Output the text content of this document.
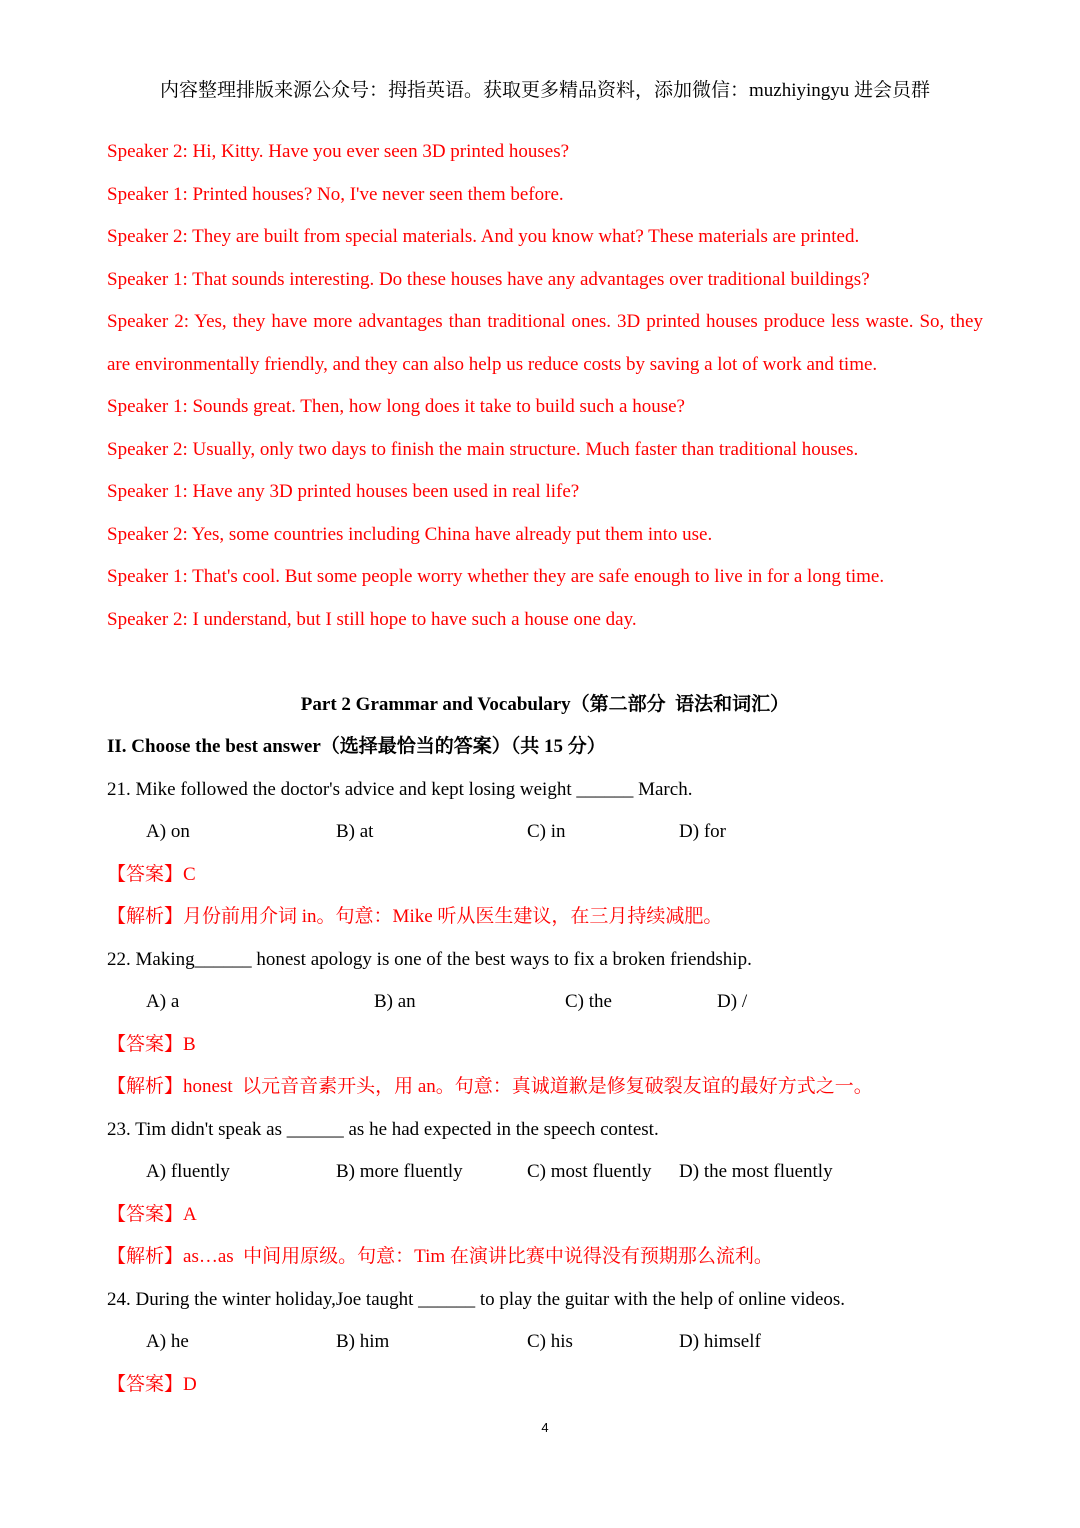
内容整理排版来源公众号：拇指英语。获取更多精品资料，添加微信：muzhiyingyu 进会员群
Speaker 2: Hi, Kitty. Have you ever seen 3D printed houses?
Speaker 1: Printed houses? No, I've never seen them before.
Speaker 2: They are built from special materials. And you know what? These materials are printed.
Speaker 1: That sounds interesting. Do these houses have any advantages over traditional buildings?
Speaker 2: Yes, they have more advantages than traditional ones. 3D printed houses produce less waste. So, they
are environmentally friendly, and they can also help us reduce costs by saving a lot of work and time.
Speaker 1: Sounds great. Then, how long does it take to build such a house?
Speaker 2: Usually, only two days to finish the main structure. Much faster than traditional houses.
Speaker 1: Have any 3D printed houses been used in real life?
Speaker 2: Yes, some countries including China have already put them into use.
Speaker 1: That's cool. But some people worry whether they are safe enough to live in for a long time.
Speaker 2: I understand, but I still hope to have such a house one day.
Part 2 Grammar and Vocabulary（第二部分  语法和词汇）
II. Choose the best answer（选择最恰当的答案）（共 15 分）
21. Mike followed the doctor's advice and kept losing weight ______ March.
A) on	B) at	C) in	D) for
【答案】C
【解析】月份前用介词 in。句意：Mike 听从医生建议，在三月持续减肥。
22. Making______ honest apology is one of the best ways to fix a broken friendship.
A) a	B) an	C) the	D) /
【答案】B
【解析】honest  以元音音素开头，用 an。句意：真诚道歉是修复破裂友谊的最好方式之一。
23. Tim didn't speak as ______ as he had expected in the speech contest.
A) fluently	B) more fluently	C) most fluently D) the most fluently
【答案】A
【解析】as…as  中间用原级。句意：Tim 在演讲比赛中说得没有预期那么流利。
24. During the winter holiday,Joe taught ______ to play the guitar with the help of online videos.
A) he	B) him	C) his	D) himself
【答案】D
4
